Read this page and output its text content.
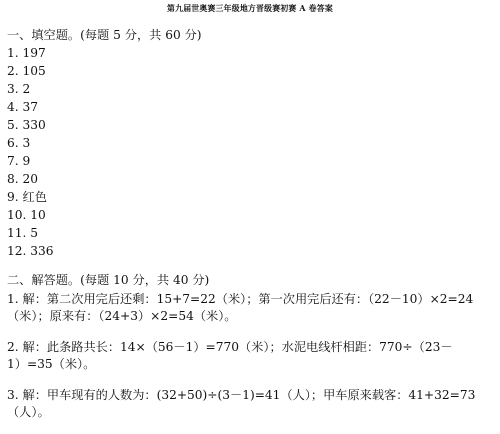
第九届世奥赛三年级地方晋级赛初赛 A 卷答案
一、填空题。(每题 5 分，共 60 分)
1. 197
2. 105
3. 2
4. 37
5. 330
6. 3
7. 9
8. 20
9. 红色
10. 10
11. 5
12. 336
二、解答题。(每题 10 分，共 40 分)
1. 解：第二次用完后还剩：15+7=22（米）；第一次用完后还有：（22－10）×2=24
（米）；原来有：（24+3）×2=54（米）。
2. 解：此条路共长：14×（56－1）=770（米）；水泥电线杆相距：770÷（23－
1）=35（米）。
3. 解：甲车现有的人数为：(32+50)÷(3－1)=41（人）；甲车原来载客：41+32=73
（人）。
